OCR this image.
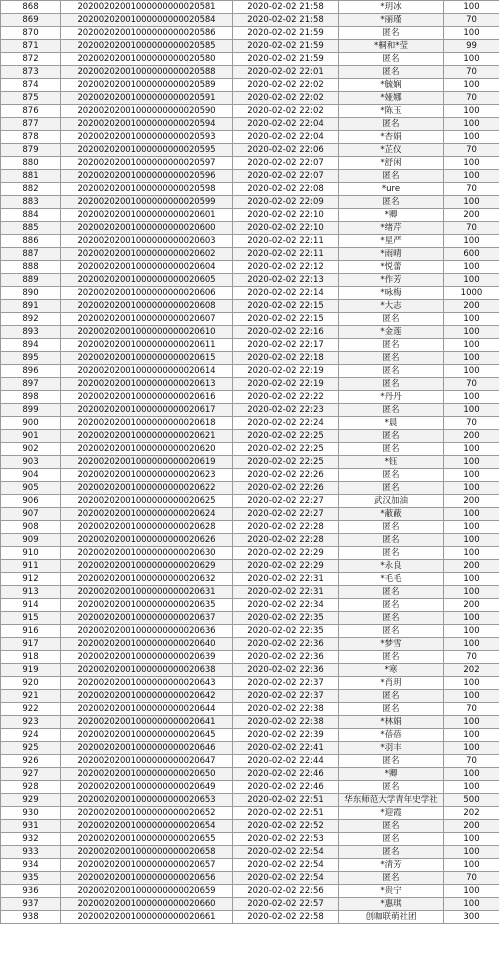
868	20200202001000000000020581	2020-02-02 21:58	*玥冰	100
869	20200202001000000000020584	2020-02-02 21:58	*丽瑾	70
870	20200202001000000000020586	2020-02-02 21:59	匿名	100
871	20200202001000000000020585	2020-02-02 21:59	*桐和*莹	99
872	20200202001000000000020580	2020-02-02 21:59	匿名	100
873	20200202001000000000020588	2020-02-02 22:01	匿名	70
874	20200202001000000000020589	2020-02-02 22:02	*毓娴	100
875	20200202001000000000020591	2020-02-02 22:02	*娅娜	70
876	20200202001000000000020590	2020-02-02 22:02	*陈玉	100
877	20200202001000000000020594	2020-02-02 22:04	匿名	100
878	20200202001000000000020593	2020-02-02 22:04	*杏娟	100
879	20200202001000000000020595	2020-02-02 22:06	*芷仪	70
880	20200202001000000000020597	2020-02-02 22:07	*舒闲	100
881	20200202001000000000020596	2020-02-02 22:07	匿名	100
882	20200202001000000000020598	2020-02-02 22:08	*ure	70
883	20200202001000000000020599	2020-02-02 22:09	匿名	100
884	20200202001000000000020601	2020-02-02 22:10	*卿	200
885	20200202001000000000020600	2020-02-02 22:10	*绪芹	70
886	20200202001000000000020603	2020-02-02 22:11	*星严	100
887	20200202001000000000020602	2020-02-02 22:11	*雨晴	600
888	20200202001000000000020604	2020-02-02 22:12	*悦蕾	100
889	20200202001000000000020605	2020-02-02 22:13	*作芳	100
890	20200202001000000000020606	2020-02-02 22:14	*咏梅	1000
891	20200202001000000000020608	2020-02-02 22:15	*大志	200
892	20200202001000000000020607	2020-02-02 22:15	匿名	100
893	20200202001000000000020610	2020-02-02 22:16	*金莲	100
894	20200202001000000000020611	2020-02-02 22:17	匿名	100
895	20200202001000000000020615	2020-02-02 22:18	匿名	100
896	20200202001000000000020614	2020-02-02 22:19	匿名	100
897	20200202001000000000020613	2020-02-02 22:19	匿名	70
898	20200202001000000000020616	2020-02-02 22:22	*丹丹	100
899	20200202001000000000020617	2020-02-02 22:23	匿名	100
900	20200202001000000000020618	2020-02-02 22:24	*晨	70
901	20200202001000000000020621	2020-02-02 22:25	匿名	200
902	20200202001000000000020620	2020-02-02 22:25	匿名	100
903	20200202001000000000020619	2020-02-02 22:25	*钰	100
904	20200202001000000000020623	2020-02-02 22:26	匿名	100
905	20200202001000000000020622	2020-02-02 22:26	匿名	100
906	20200202001000000000020625	2020-02-02 22:27	武汉加油	200
907	20200202001000000000020624	2020-02-02 22:27	*蔽蔽	100
908	20200202001000000000020628	2020-02-02 22:28	匿名	100
909	20200202001000000000020626	2020-02-02 22:28	匿名	100
910	20200202001000000000020630	2020-02-02 22:29	匿名	100
911	20200202001000000000020629	2020-02-02 22:29	*永良	200
912	20200202001000000000020632	2020-02-02 22:31	*毛毛	100
913	20200202001000000000020631	2020-02-02 22:31	匿名	100
914	20200202001000000000020635	2020-02-02 22:34	匿名	200
915	20200202001000000000020637	2020-02-02 22:35	匿名	100
916	20200202001000000000020636	2020-02-02 22:35	匿名	100
917	20200202001000000000020640	2020-02-02 22:36	*梦雪	100
918	20200202001000000000020639	2020-02-02 22:36	匿名	70
919	20200202001000000000020638	2020-02-02 22:36	*寒	202
920	20200202001000000000020643	2020-02-02 22:37	*肖玥	100
921	20200202001000000000020642	2020-02-02 22:37	匿名	100
922	20200202001000000000020644	2020-02-02 22:38	匿名	70
923	20200202001000000000020641	2020-02-02 22:38	*林娟	100
924	20200202001000000000020645	2020-02-02 22:39	*蓓蓓	100
925	20200202001000000000020646	2020-02-02 22:41	*羽丰	100
926	20200202001000000000020647	2020-02-02 22:44	匿名	70
927	20200202001000000000020650	2020-02-02 22:46	*卿	100
928	20200202001000000000020649	2020-02-02 22:46	匿名	100
929	20200202001000000000020653	2020-02-02 22:51	华东师范大学青年史学社	500
930	20200202001000000000020652	2020-02-02 22:51	*迎霞	202
931	20200202001000000000020654	2020-02-02 22:52	匿名	200
932	20200202001000000000020655	2020-02-02 22:53	匿名	100
933	20200202001000000000020658	2020-02-02 22:54	匿名	100
934	20200202001000000000020657	2020-02-02 22:54	*清芳	100
935	20200202001000000000020656	2020-02-02 22:54	匿名	70
936	20200202001000000000020659	2020-02-02 22:56	*贵宁	100
937	20200202001000000000020660	2020-02-02 22:57	*惠琪	100
938	20200202001000000000020661	2020-02-02 22:58	创咖联萌社团	300
